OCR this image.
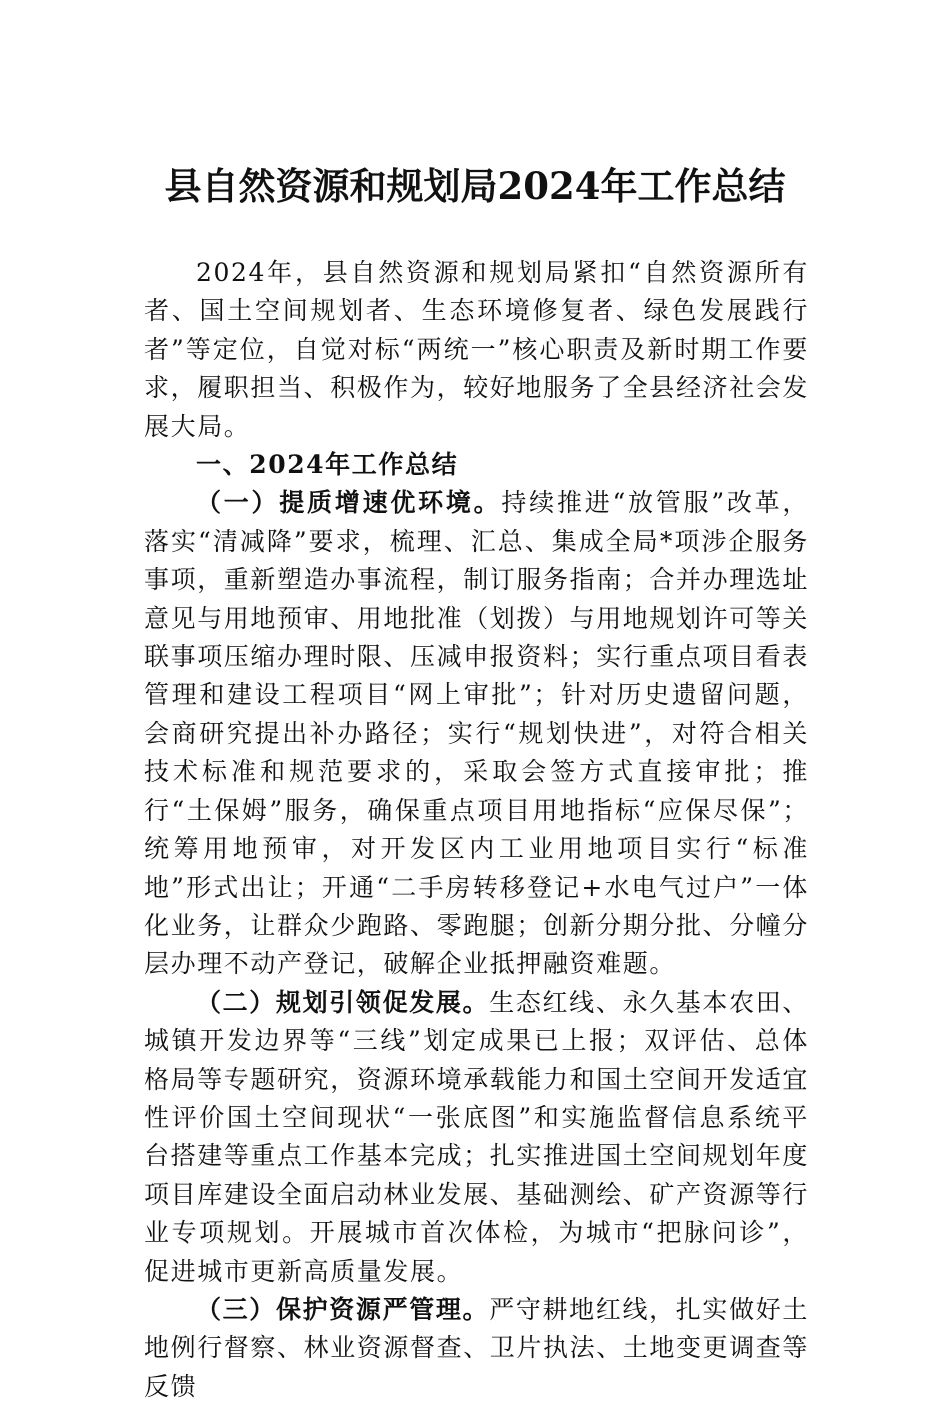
县自然资源和规划局2024年工作总结

2024年，县自然资源和规划局紧扣“自然资源所有者、国土空间规划者、生态环境修复者、绿色发展践行者”等定位，自觉对标“两统一”核心职责及新时期工作要求，履职担当、积极作为，较好地服务了全县经济社会发展大局。

一、2024年工作总结

（一）提质增速优环境。持续推进“放管服”改革，落实“清减降”要求，梳理、汇总、集成全局*项涉企服务事项，重新塑造办事流程，制订服务指南；合并办理选址意见与用地预审、用地批准（划拨）与用地规划许可等关联事项压缩办理时限、压减申报资料；实行重点项目看表管理和建设工程项目“网上审批”；针对历史遗留问题，会商研究提出补办路径；实行“规划快进”，对符合相关技术标准和规范要求的，采取会签方式直接审批；推行“土保姆”服务，确保重点项目用地指标“应保尽保”；统筹用地预审，对开发区内工业用地项目实行“标准地”形式出让；开通“二手房转移登记+水电气过户”一体化业务，让群众少跑路、零跑腿；创新分期分批、分幢分层办理不动产登记，破解企业抵押融资难题。

（二）规划引领促发展。生态红线、永久基本农田、城镇开发边界等“三线”划定成果已上报；双评估、总体格局等专题研究，资源环境承载能力和国土空间开发适宜性评价国土空间现状“一张底图”和实施监督信息系统平台搭建等重点工作基本完成；扎实推进国土空间规划年度项目库建设全面启动林业发展、基础测绘、矿产资源等行业专项规划。开展城市首次体检，为城市“把脉问诊”，促进城市更新高质量发展。

（三）保护资源严管理。严守耕地红线，扎实做好土地例行督察、林业资源督查、卫片执法、土地变更调查等反馈
